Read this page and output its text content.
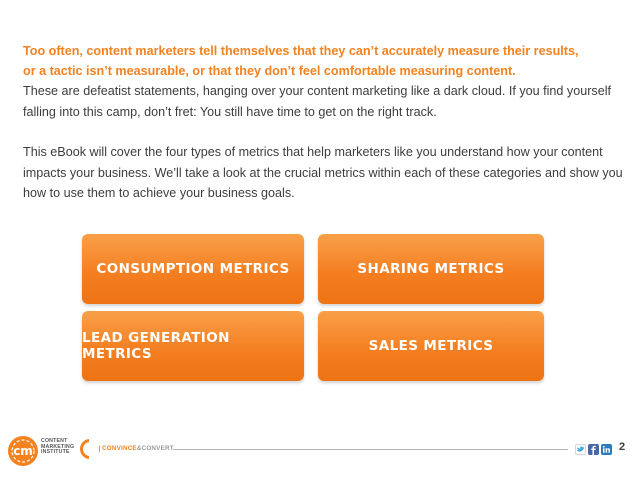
Too often, content marketers tell themselves that they can’t accurately measure their results,
or a tactic isn’t measurable, or that they don’t feel comfortable measuring content.

These are defeatist statements, hanging over your content marketing like a dark cloud. If you find yourself falling into this camp, don’t fret: You still have time to get on the right track.

This eBook will cover the four types of metrics that help marketers like you understand how your content impacts your business. We’ll take a look at the crucial metrics within each of these categories and show you how to use them to achieve your business goals.

CONSUMPTION METRICS	SHARING METRICS
LEAD GENERATION METRICS	SALES METRICS
cm
CONTENT
MARKETING
INSTITUTE
CONVINCE&CONVERT	2
